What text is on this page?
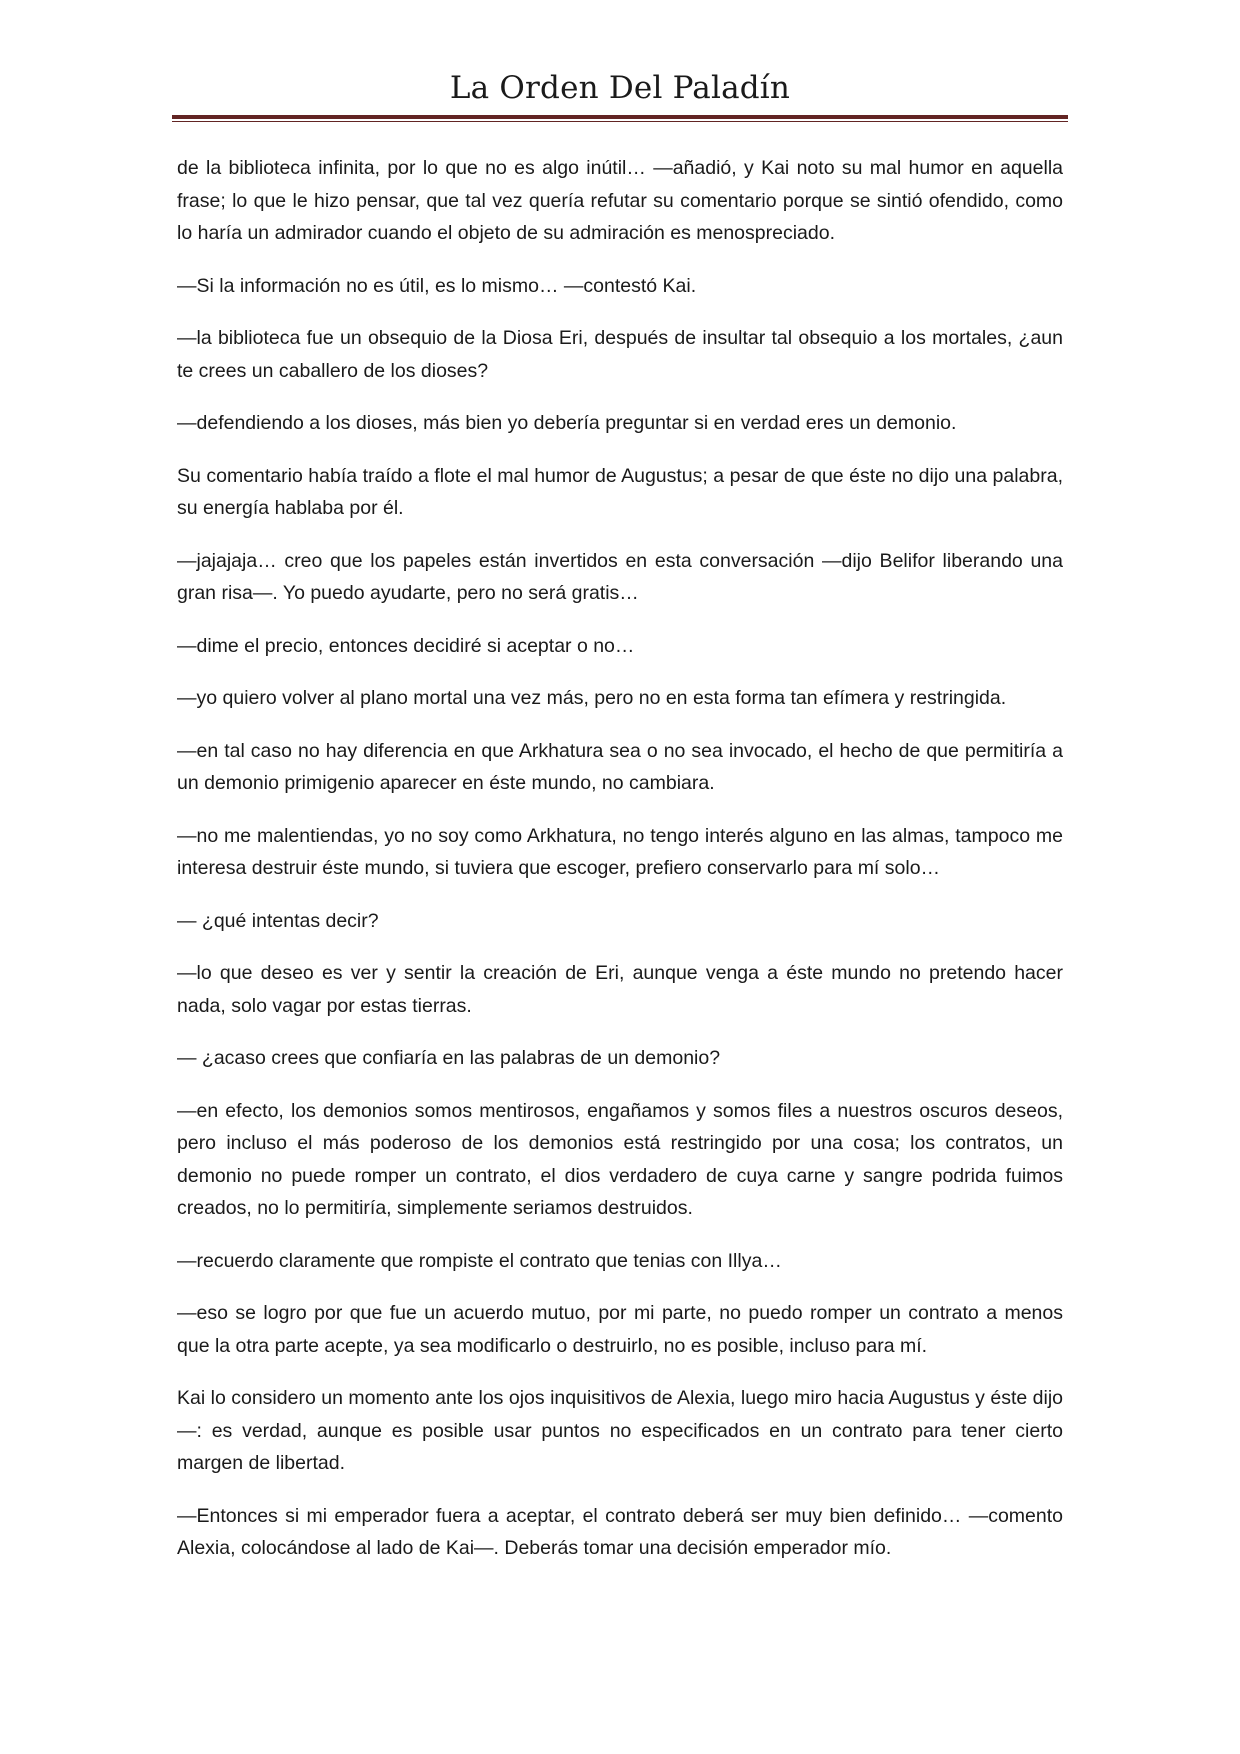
La Orden Del Paladín

de la biblioteca infinita, por lo que no es algo inútil… —añadió, y Kai noto su mal humor en aquella frase; lo que le hizo pensar, que tal vez quería refutar su comentario porque se sintió ofendido, como lo haría un admirador cuando el objeto de su admiración es menospreciado.

—Si la información no es útil, es lo mismo… —contestó Kai.

—la biblioteca fue un obsequio de la Diosa Eri, después de insultar tal obsequio a los mortales, ¿aun te crees un caballero de los dioses?

—defendiendo a los dioses, más bien yo debería preguntar si en verdad eres un demonio.

Su comentario había traído a flote el mal humor de Augustus; a pesar de que éste no dijo una palabra, su energía hablaba por él.

—jajajaja… creo que los papeles están invertidos en esta conversación —dijo Belifor liberando una gran risa—. Yo puedo ayudarte, pero no será gratis…

—dime el precio, entonces decidiré si aceptar o no…

—yo quiero volver al plano mortal una vez más, pero no en esta forma tan efímera y restringida.

—en tal caso no hay diferencia en que Arkhatura sea o no sea invocado, el hecho de que permitiría a un demonio primigenio aparecer en éste mundo, no cambiara.

—no me malentiendas, yo no soy como Arkhatura, no tengo interés alguno en las almas, tampoco me interesa destruir éste mundo, si tuviera que escoger, prefiero conservarlo para mí solo…

— ¿qué intentas decir?

—lo que deseo es ver y sentir la creación de Eri, aunque venga a éste mundo no pretendo hacer nada, solo vagar por estas tierras.

— ¿acaso crees que confiaría en las palabras de un demonio?

—en efecto, los demonios somos mentirosos, engañamos y somos files a nuestros oscuros deseos, pero incluso el más poderoso de los demonios está restringido por una cosa; los contratos, un demonio no puede romper un contrato, el dios verdadero de cuya carne y sangre podrida fuimos creados, no lo permitiría, simplemente seriamos destruidos.

—recuerdo claramente que rompiste el contrato que tenias con Illya…

—eso se logro por que fue un acuerdo mutuo, por mi parte, no puedo romper un contrato a menos que la otra parte acepte, ya sea modificarlo o destruirlo, no es posible, incluso para mí.

Kai lo considero un momento ante los ojos inquisitivos de Alexia, luego miro hacia Augustus y éste dijo—: es verdad, aunque es posible usar puntos no especificados en un contrato para tener cierto margen de libertad.

—Entonces si mi emperador fuera a aceptar, el contrato deberá ser muy bien definido… —comento Alexia, colocándose al lado de Kai—. Deberás tomar una decisión emperador mío.
